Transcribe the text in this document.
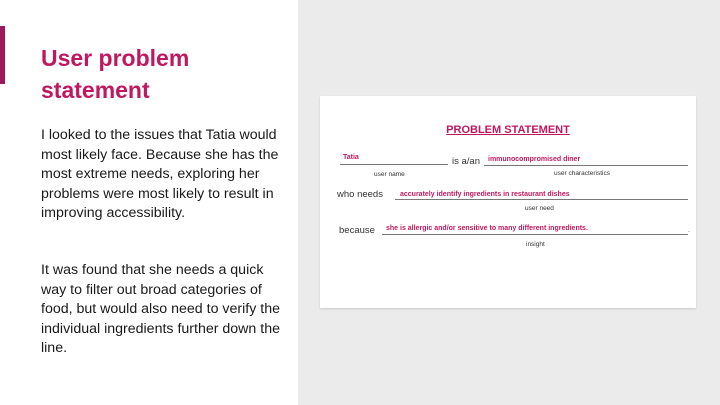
User problem
statement

I looked to the issues that Tatia would most likely face. Because she has the most extreme needs, exploring her problems were most likely to result in improving accessibility.

It was found that she needs a quick way to filter out broad categories of food, but would also need to verify the individual ingredients further down the line.

PROBLEM STATEMENT
Tatia
user name
is a/an immunocompromised diner
user characteristics
who needs accurately identify ingredients in restaurant dishes
user need
because she is allergic and/or sensitive to many different ingredients.	.
insight
